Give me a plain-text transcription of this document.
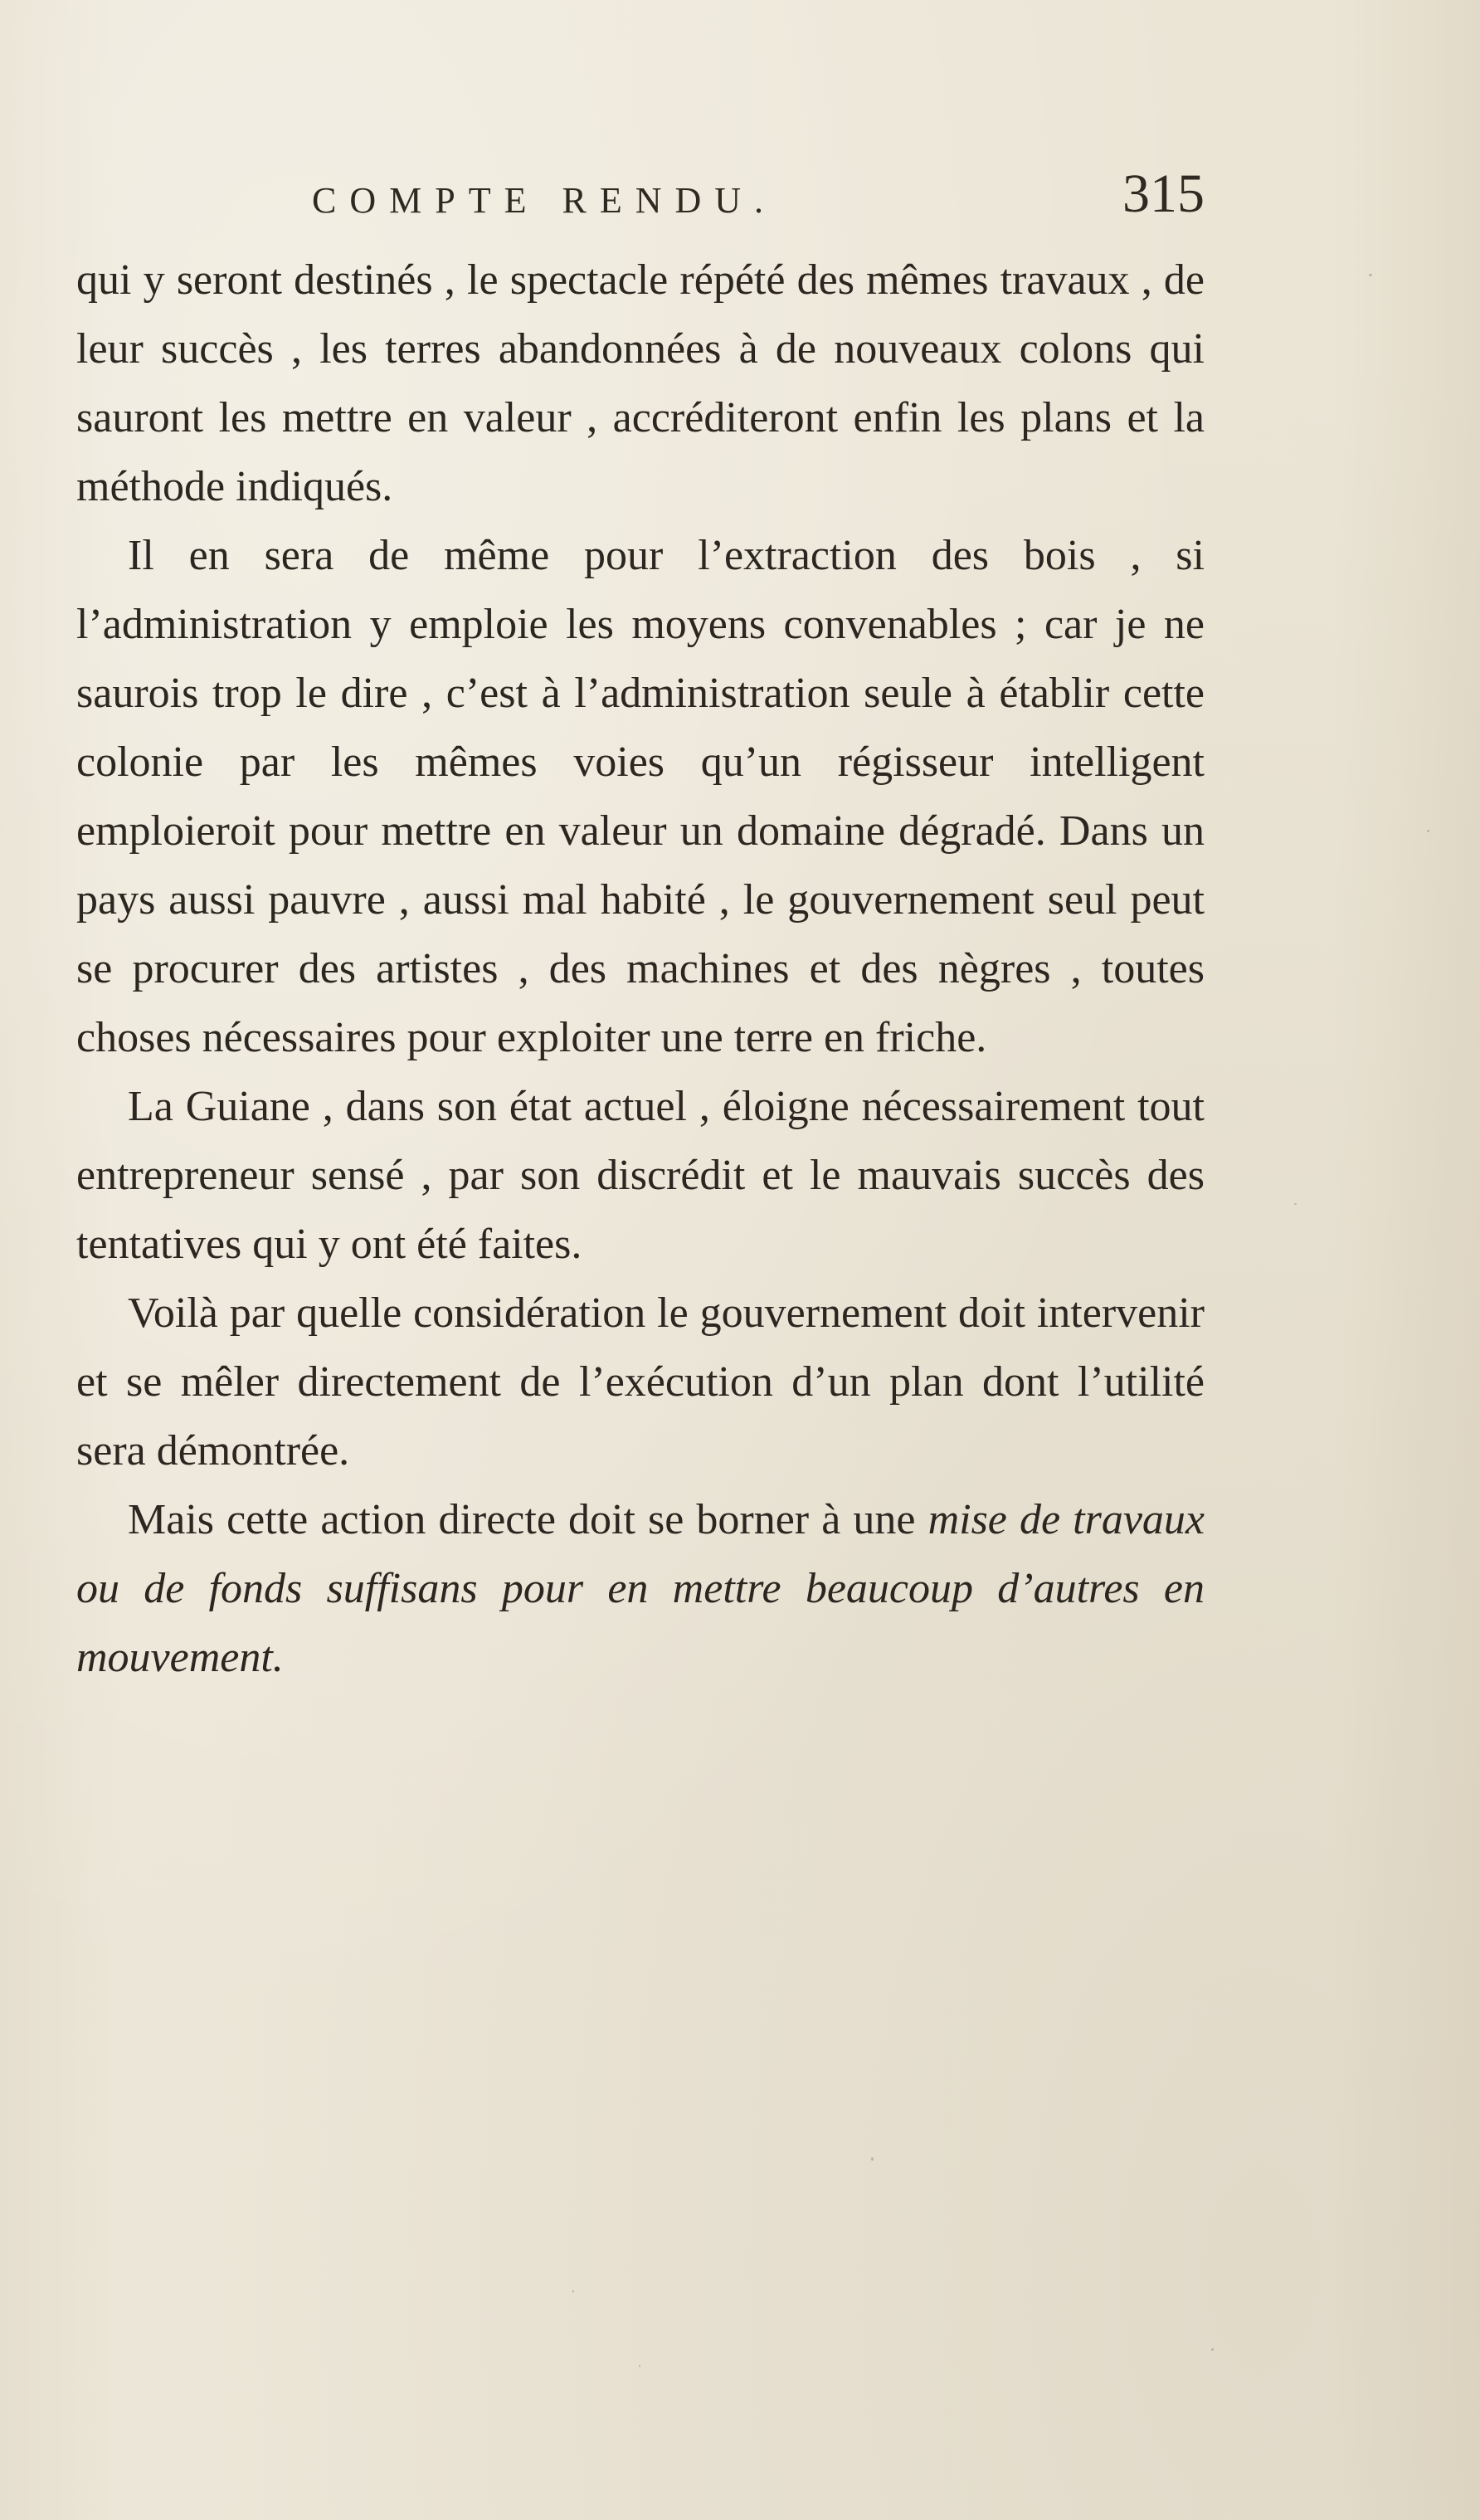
COMPTE RENDU.	315

qui y seront destinés , le spectacle répété des mêmes travaux , de leur succès , les terres abandonnées à de nouveaux colons qui sauront les mettre en valeur , accréditeront enfin les plans et la méthode indiqués.

Il en sera de même pour l’extraction des bois , si l’administration y emploie les moyens convenables ; car je ne saurois trop le dire , c’est à l’administration seule à établir cette colonie par les mêmes voies qu’un régisseur intelligent emploieroit pour mettre en valeur un domaine dégradé. Dans un pays aussi pauvre , aussi mal habité , le gouvernement seul peut se procurer des artistes , des machines et des nègres , toutes choses nécessaires pour exploiter une terre en friche.

La Guiane , dans son état actuel , éloigne nécessairement tout entrepreneur sensé , par son discrédit et le mauvais succès des tentatives qui y ont été faites.

Voilà par quelle considération le gouvernement doit intervenir et se mêler directement de l’exécution d’un plan dont l’utilité sera démontrée.

Mais cette action directe doit se borner à une mise de travaux ou de fonds suffisans pour en mettre beaucoup d’autres en mouvement.
